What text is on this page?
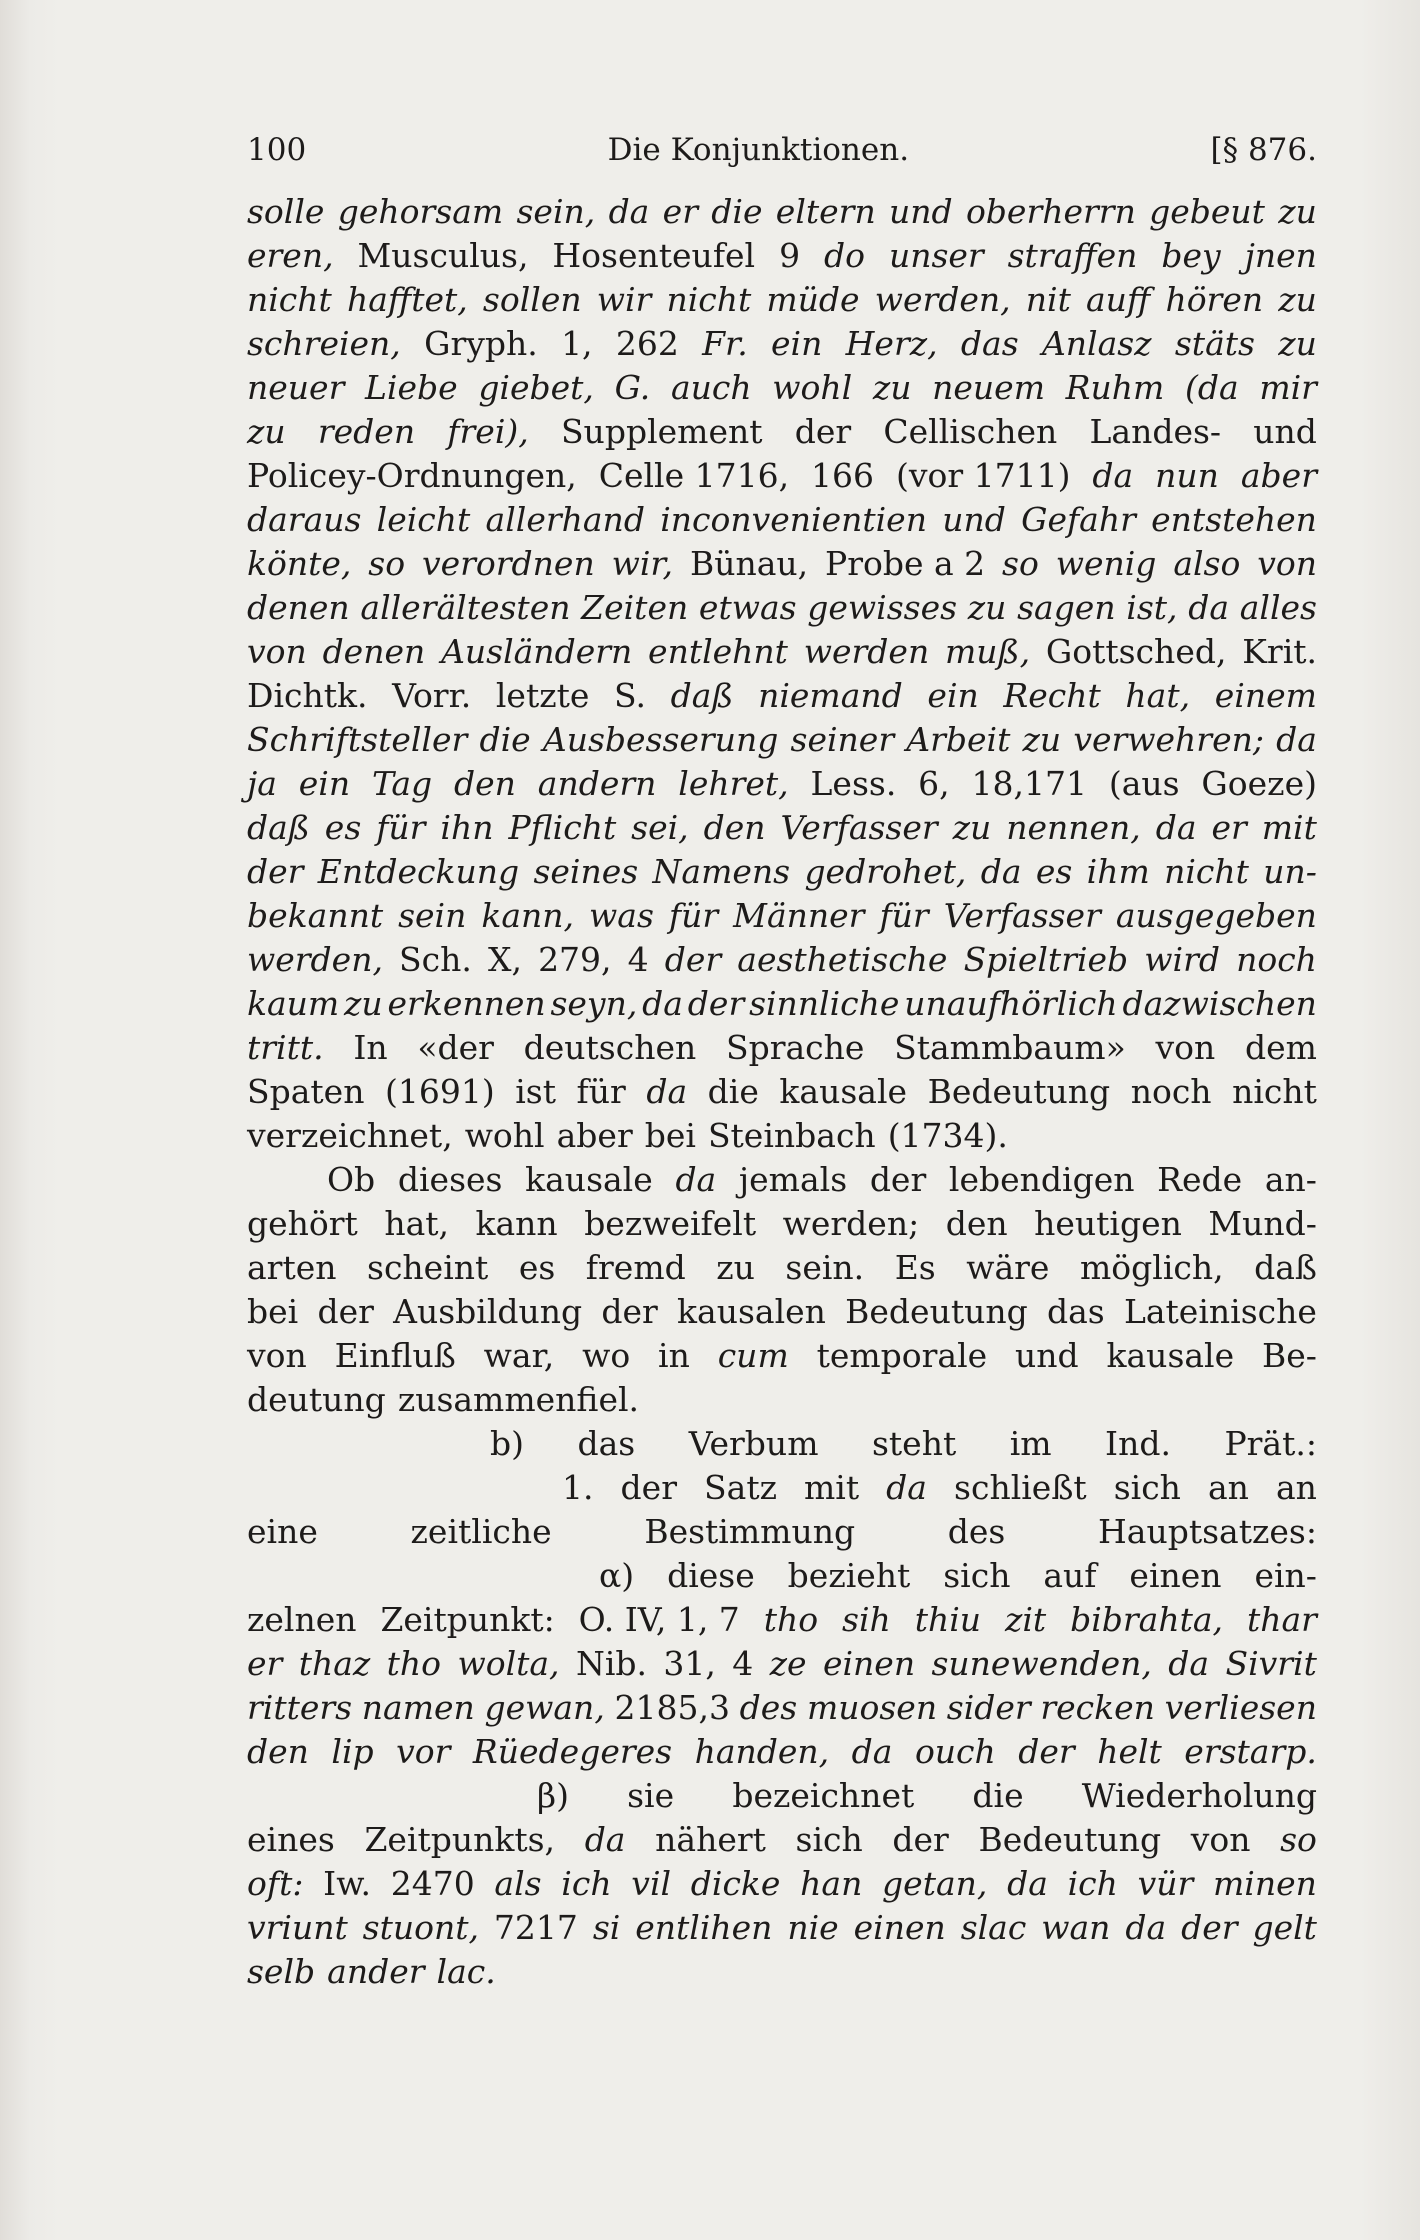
100	Die Konjunktionen.	[§ 876.
solle gehorsam sein, da er die eltern und oberherrn gebeut zu
eren, Musculus, Hosenteufel 9 do unser straffen bey jnen
nicht hafftet, sollen wir nicht müde werden, nit auff hören zu
schreien, Gryph. 1, 262 Fr. ein Herz, das Anlasz stäts zu
neuer Liebe giebet, G. auch wohl zu neuem Ruhm (da mir
zu reden frei), Supplement der Cellischen Landes- und
Policey-Ordnungen, Celle 1716, 166 (vor 1711) da nun aber
daraus leicht allerhand inconvenientien und Gefahr entstehen
könte, so verordnen wir, Bünau, Probe a 2 so wenig also von
denen allerältesten Zeiten etwas gewisses zu sagen ist, da alles
von denen Ausländern entlehnt werden muß, Gottsched, Krit.
Dichtk. Vorr. letzte S. daß niemand ein Recht hat, einem
Schriftsteller die Ausbesserung seiner Arbeit zu verwehren; da
ja ein Tag den andern lehret, Less. 6, 18,171 (aus Goeze)
daß es für ihn Pflicht sei, den Verfasser zu nennen, da er mit
der Entdeckung seines Namens gedrohet, da es ihm nicht un-
bekannt sein kann, was für Männer für Verfasser ausgegeben
werden, Sch. X, 279, 4 der aesthetische Spieltrieb wird noch
kaum zu erkennen seyn, da der sinnliche unaufhörlich dazwischen
tritt. In «der deutschen Sprache Stammbaum» von dem
Spaten (1691) ist für da die kausale Bedeutung noch nicht
verzeichnet, wohl aber bei Steinbach (1734).
Ob dieses kausale da jemals der lebendigen Rede an-
gehört hat, kann bezweifelt werden; den heutigen Mund-
arten scheint es fremd zu sein. Es wäre möglich, daß
bei der Ausbildung der kausalen Bedeutung das Lateinische
von Einfluß war, wo in cum temporale und kausale Be-
deutung zusammenfiel.
b) das Verbum steht im Ind. Prät.:
1. der Satz mit da schließt sich an an
eine	zeitliche	Bestimmung	des	Hauptsatzes:
α) diese bezieht sich auf einen ein-
zelnen Zeitpunkt: O. IV, 1, 7 tho sih thiu zit bibrahta, thar
er thaz tho wolta, Nib. 31, 4 ze einen sunewenden, da Sivrit
ritters namen gewan, 2185,3 des muosen sider recken verliesen
den lip vor Rüedegeres handen, da ouch der helt erstarp.
β) sie bezeichnet die Wiederholung
eines Zeitpunkts, da nähert sich der Bedeutung von so
oft: Iw. 2470 als ich vil dicke han getan, da ich vür minen
vriunt stuont, 7217 si entlihen nie einen slac wan da der gelt
selb ander lac.
